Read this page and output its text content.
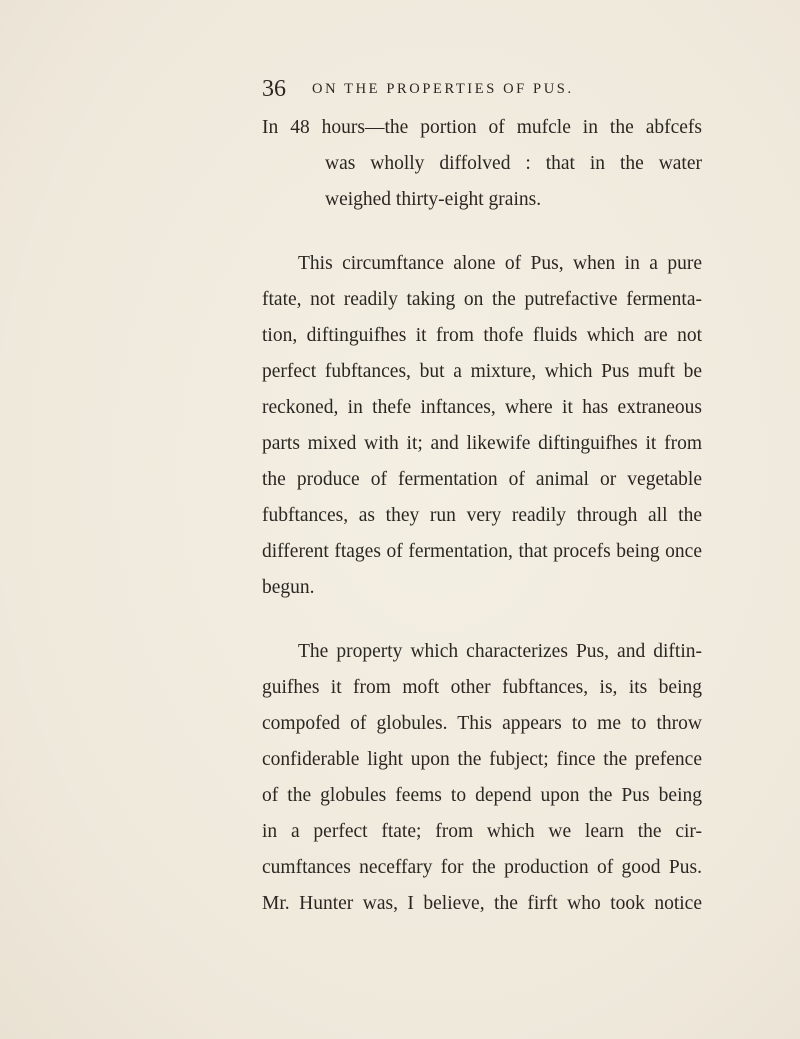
36 ON THE PROPERTIES OF PUS.
In 48 hours—the portion of mufcle in the abfcefs
was wholly diffolved : that in the water
weighed thirty-eight grains.
This circumftance alone of Pus, when in a pure
ftate, not readily taking on the putrefactive fermenta-
tion, diftinguifhes it from thofe fluids which are not
perfect fubftances, but a mixture, which Pus muft be
reckoned, in thefe inftances, where it has extraneous
parts mixed with it; and likewife diftinguifhes it from
the produce of fermentation of animal or vegetable
fubftances, as they run very readily through all the
different ftages of fermentation, that procefs being once
begun.
The property which characterizes Pus, and diftin-
guifhes it from moft other fubftances, is, its being
compofed of globules. This appears to me to throw
confiderable light upon the fubject; fince the prefence
of the globules feems to depend upon the Pus being
in a perfect ftate; from which we learn the cir-
cumftances neceffary for the production of good Pus.
Mr. Hunter was, I believe, the firft who took notice
